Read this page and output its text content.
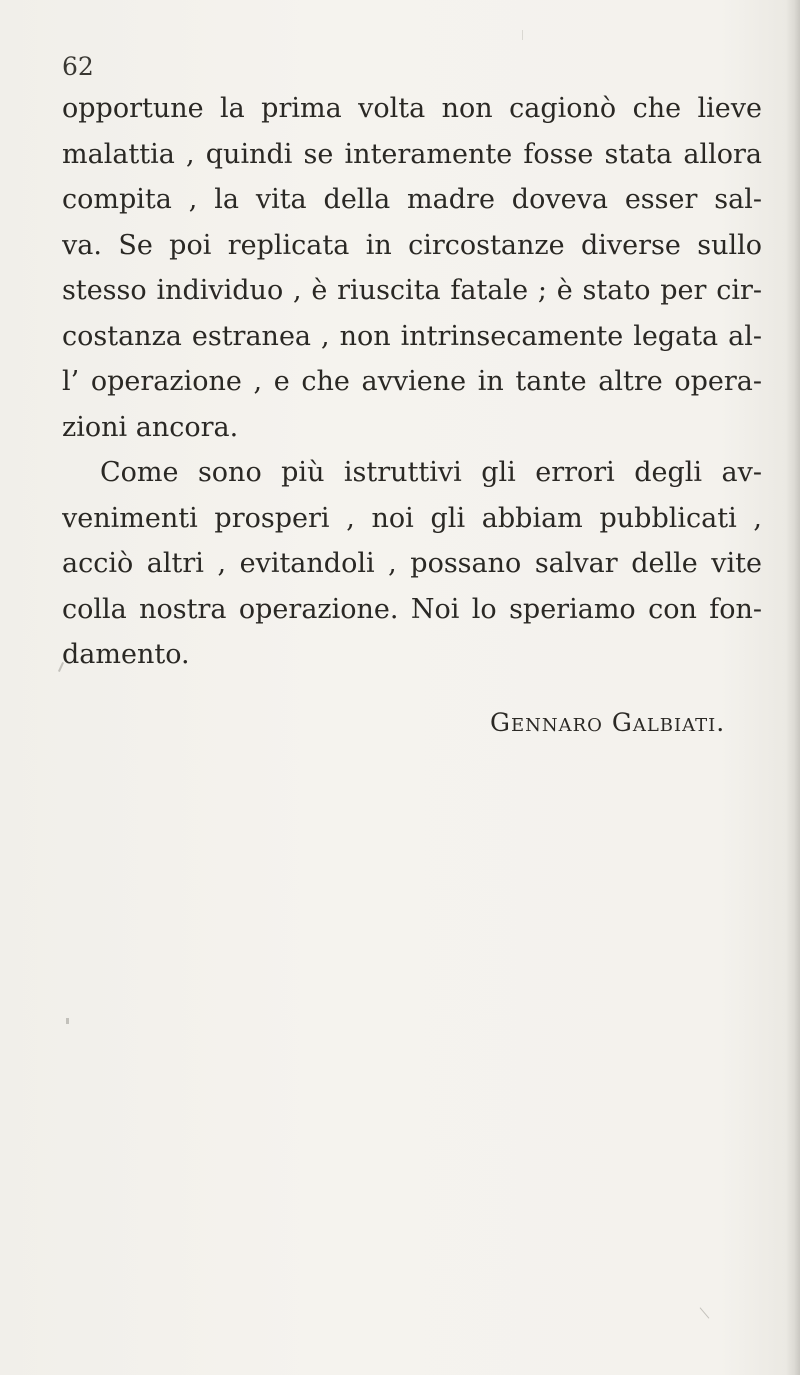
62
opportune la prima volta non cagionò che lieve
malattia , quindi se interamente fosse stata allora
compita , la vita della madre doveva esser sal-
va. Se poi replicata in circostanze diverse sullo
stesso individuo , è riuscita fatale ; è stato per cir-
costanza estranea , non intrinsecamente legata al-
l’ operazione , e che avviene in tante altre opera-
zioni ancora.
Come sono più istruttivi gli errori degli av-
venimenti prosperi , noi gli abbiam pubblicati ,
acciò altri , evitandoli , possano salvar delle vite
colla nostra operazione. Noi lo speriamo con fon-
damento.
Gennaro Galbiati.
